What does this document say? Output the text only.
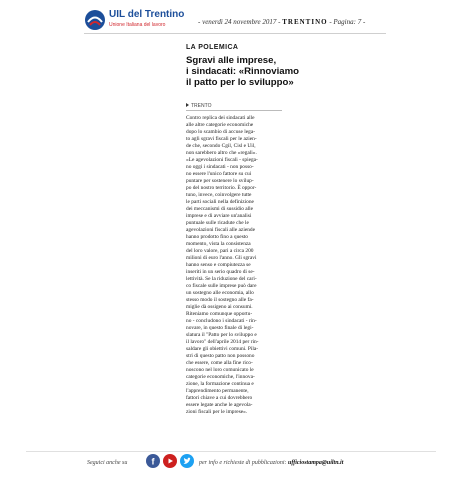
UIL del Trentino
Unione Italiana del lavoro	- venerdì 24 novembre 2017 - TRENTINO - Pagina: 7 -
LA POLEMICA
Sgravi alle imprese,
i sindacati: «Rinnoviamo
il patto per lo sviluppo»
TRENTO
Contro replica dei sindacati alle
alle altre categorie economiche
dopo lo scambio di accuse lega-
to agli sgravi fiscali per le azien-
de che, secondo Cgil, Cisl e Uil,
non sarebbero altro che «regali».
«Le agevolazioni fiscali - spiega-
no oggi i sindacati - non posso-
no essere l'unico fattore su cui
puntare per sostenere lo svilup-
po del nostro territorio. È oppor-
tuno, invece, coinvolgere tutte
le parti sociali nella definizione
dei meccanismi di sussidio alle
imprese e di avviare un'analisi
puntuale sulle ricadute che le
agevolazioni fiscali alle aziende
hanno prodotto fino a questo
momento, vista la consistenza
del loro valore, pari a circa 200
milioni di euro l'anno. Gli sgravi
hanno senso e compiutezza se
inseriti in un serio quadro di se-
lettività. Se la riduzione del cari-
co fiscale sulle imprese può dare
un sostegno alle economia, allo
stesso modo il sostegno alle fa-
miglie dà ossigeno ai consumi.
Riteniamo comunque opportu-
no - concludono i sindacati - rin-
novare, in questo finale di legi-
slatura il "Patto per lo sviluppo e
il lavoro" dell'aprile 2014 per rin-
saldare gli obiettivi comuni. Pila-
stri di questo patto non possono
che essere, come alla fine rico-
noscono nel loro comunicato le
categorie economiche, l'innova-
zione, la formazione continua e
l'apprendimento permanente,
fattori chiave a cui dovrebbero
essere legate anche le agevola-
zioni fiscali per le imprese».
Seguici anche su	f	per info e richieste di pubblicazioni: ufficiostampa@uiltn.it
